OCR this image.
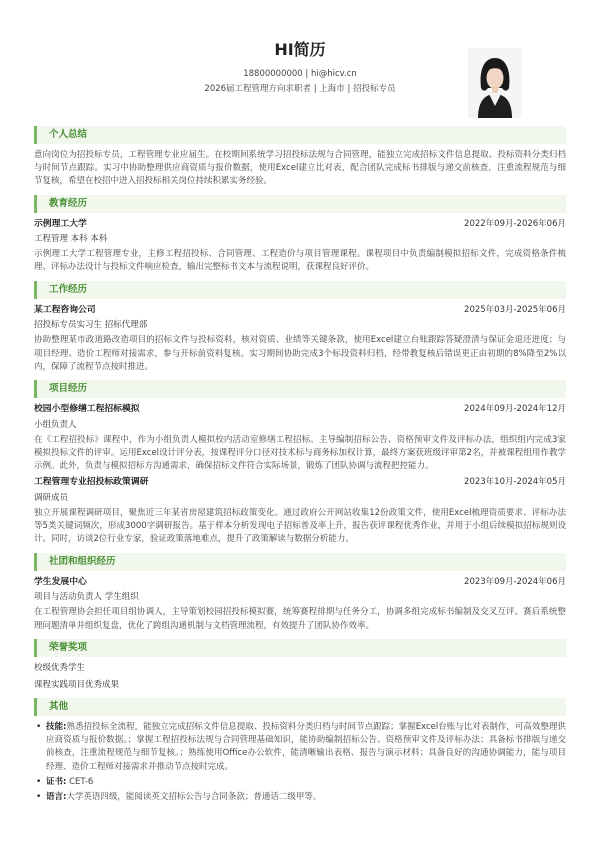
HI简历
18800000000 | hi@hicv.cn
2026届工程管理方向求职者 | 上海市 | 招投标专员
个人总结
意向岗位为招投标专员，工程管理专业应届生。在校期间系统学习招投标法规与合同管理，能独立完成招标文件信息提取、投标资料分类归档与时间节点跟踪。实习中协助整理供应商资质与报价数据，使用Excel建立比对表，配合团队完成标书排版与递交前核查，注重流程规范与细节复核，希望在校招中进入招投标相关岗位持续积累实务经验。
教育经历
示例理工大学	2022年09月-2026年06月
工程管理 本科 本科
示例理工大学工程管理专业，主修工程招投标、合同管理、工程造价与项目管理课程。课程项目中负责编制模拟招标文件，完成资格条件梳理、评标办法设计与投标文件响应检查，输出完整标书文本与流程说明，获课程良好评价。
工作经历
某工程咨询公司	2025年03月-2025年06月
招投标专员实习生 招标代理部
协助整理某市政道路改造项目的招标文件与投标资料，核对资质、业绩等关键条款，使用Excel建立台账跟踪答疑澄清与保证金退还进度；与项目经理、造价工程师对接需求，参与开标前资料复核。实习期间协助完成3个标段资料归档，经带教复核后错误更正由初期的8%降至2%以内，保障了流程节点按时推进。
项目经历
校园小型修缮工程招标模拟	2024年09月-2024年12月
小组负责人
在《工程招投标》课程中，作为小组负责人模拟校内活动室修缮工程招标。主导编制招标公告、资格预审文件及评标办法，组织组内完成3家模拟投标文件的评审。运用Excel设计评分表，按课程评分口径对技术标与商务标加权计算，最终方案获班级评审第2名，并被课程组用作教学示例。此外，负责与模拟招标方沟通需求，确保招标文件符合实际场景，锻炼了团队协调与流程把控能力。
工程管理专业招投标政策调研	2023年10月-2024年05月
调研成员
独立开展课程调研项目，聚焦近三年某省房屋建筑招标政策变化。通过政府公开网站收集12份政策文件，使用Excel梳理资质要求、评标办法等5类关键词频次，形成3000字调研报告。基于样本分析发现电子招标普及率上升，报告获评课程优秀作业，并用于小组后续模拟招标规则设计。同时，访谈2位行业专家，验证政策落地难点，提升了政策解读与数据分析能力。
社团和组织经历
学生发展中心	2023年09月-2024年06月
项目与活动负责人 学生组织
在工程管理协会担任项目组协调人，主导策划校园招投标模拟赛，统筹赛程排期与任务分工，协调多组完成标书编制及交叉互评。赛后系统整理问题清单并组织复盘，优化了跨组沟通机制与文档管理流程，有效提升了团队协作效率。
荣誉奖项
校级优秀学生
课程实践项目优秀成果
其他
• 技能:熟悉招投标全流程，能独立完成招标文件信息提取、投标资料分类归档与时间节点跟踪；掌握Excel台账与比对表制作，可高效整理供应商资质与报价数据。；掌握工程招投标法规与合同管理基础知识，能协助编制招标公告、资格预审文件及评标办法；具备标书排版与递交前核查，注重流程规范与细节复核。；熟练使用Office办公软件，能清晰输出表格、报告与演示材料；具备良好的沟通协调能力，能与项目经理、造价工程师对接需求并推动节点按时完成。
• 证书: CET-6
• 语言:大学英语四级，能阅读英文招标公告与合同条款；普通话二级甲等。
